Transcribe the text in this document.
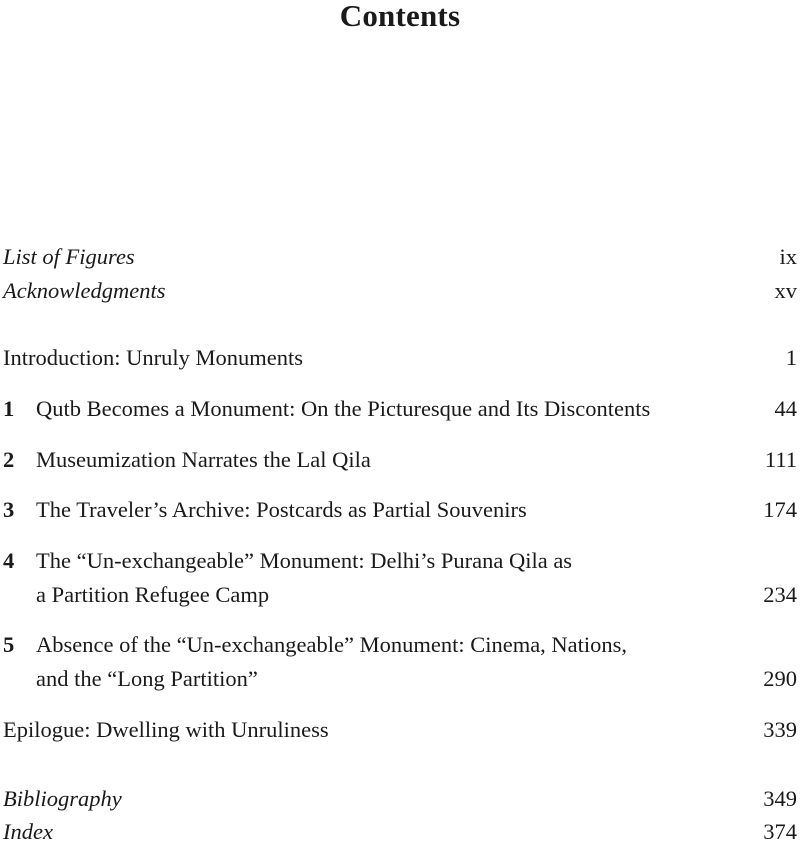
Contents
List of Figures	ix
Acknowledgments	xv
Introduction: Unruly Monuments	1
1 Qutb Becomes a Monument: On the Picturesque and Its Discontents	44
2 Museumization Narrates the Lal Qila	111
3 The Traveler’s Archive: Postcards as Partial Souvenirs	174
4 The “Un-exchangeable” Monument: Delhi’s Purana Qila as
a Partition Refugee Camp	234
5 Absence of the “Un-exchangeable” Monument: Cinema, Nations,
and the “Long Partition”	290
Epilogue: Dwelling with Unruliness	339
Bibliography	349
Index	374
